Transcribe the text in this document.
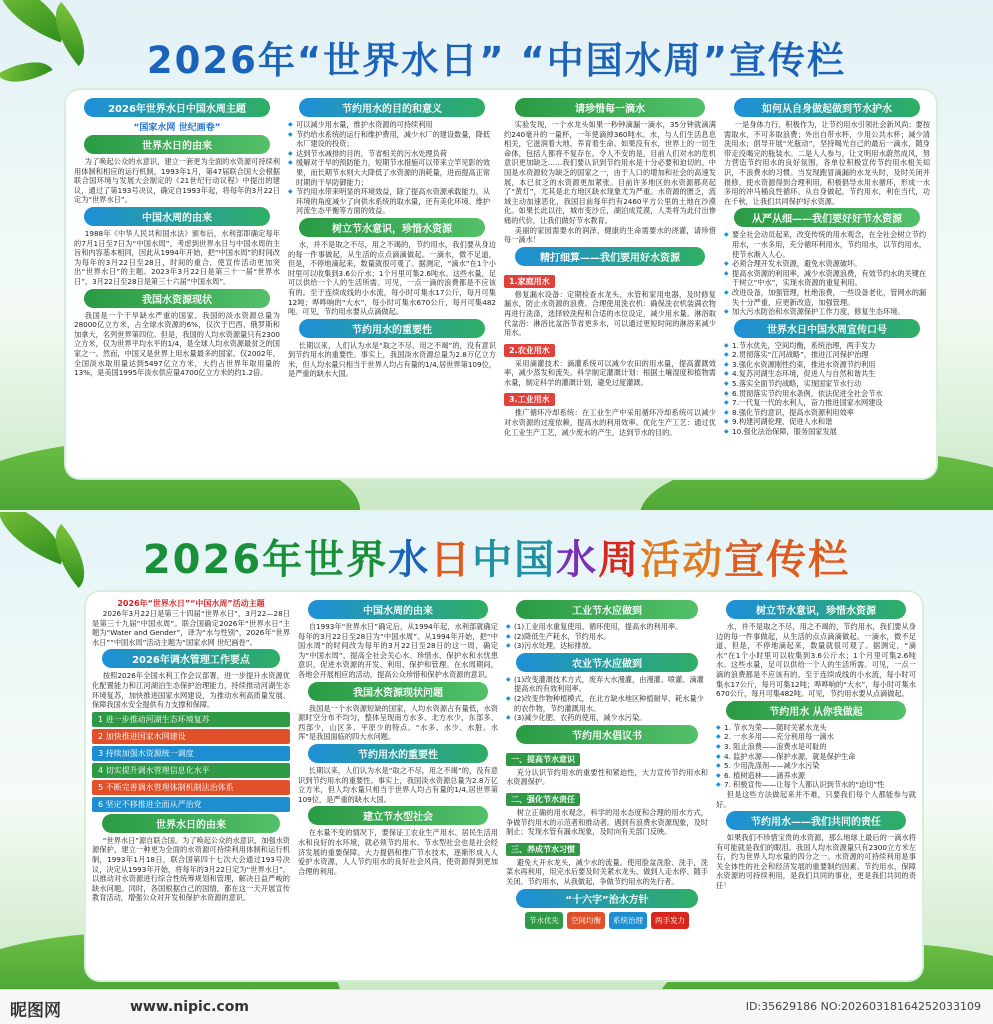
2026年“世界水日” “中国水周”宣传栏
2026年世界水日中国水周主题
“国家水网 世纪画卷”
世界水日的由来

为了唤起公众的水意识，建立一套更为全面的水资源可持续利用体制和相应的运行机制，1993年1月，第47届联合国大会根据联合国环境与发展大会制定的《21世纪行动议程》中提出的建议，通过了第193号决议，确定自1993年起，将每年的3月22日定为“世界水日”。

中国水周的由来

1988年《中华人民共和国水法》颁布后，水利部即确定每年的7月1日至7日为“中国水周”，考虑到世界水日与中国水周的主旨和内容基本相同，因此从1994年开始，把“中国水周”的时间改为每年的3月22日至28日，时间的重合，使宣传活动更加突出“世界水日”的主题。2023年3月22日是第三十一届“世界水日”，3月22日至28日是第三十六届“中国水周”。

我国水资源现状

我国是一个干旱缺水严重的国家。我国的淡水资源总量为28000亿立方米，占全球水资源的6%，仅次于巴西、俄罗斯和加拿大，名列世界第四位。但是，我国的人均水资源量只有2300立方米，仅为世界平均水平的1/4，是全球人均水资源最贫乏的国家之一。然而，中国又是世界上用水量最多的国家。仅2002年，全国淡水取用量达到5497亿立方米，大约占世界年取用量的13%，是美国1995年淡水供应量4700亿立方米的约1.2倍。

节约用水的目的和意义

◆ 可以减少用水量，维护水资源的可持续利用

◆ 节约给水系统的运行和维护费用，减少水厂的建设数量，降低水厂建设的投资；

◆ 达到节水减排的目的，节省相关的污水处理负荷

◆ 缓解对于旱的预防能力，短期节水措施可以带来立竿见影的效果，而长期节水则大大降低了水资源的消耗量，进而提高正常时期的干旱防御能力；

◆ 节约用水带来明显的环境效益，除了提高水资源承载能力，从环境的角度减少了向供水系统的取水量，还有美化环境、维护河流生态平衡等方面的效益。

树立节水意识，珍惜水资源

水，并不是取之不尽，用之不竭的，节约用水，我们要从身边的每一件事做起，从生活的点点滴滴做起。一滴水，微不足道，但是，不停地滴起来，数量就很可观了。据测定，“滴水”在1个小时里可以收集到3.6公斤水；1个月里可集2.6吨水。这些水量，足可以供给一个人的生活所需。可见，一点一滴的浪费都是不应该有的。至于连续成线的小水流，每小时可集水17公斤，每月可集12吨；哗哗响的“大水”，每小时可集水670公斤，每月可集482吨。可见，节约用水要从点滴做起。

节约用水的重要性

长期以来，人们认为水是“取之不尽，用之不竭”的，没有意识到节约用水的重要性。事实上，我国淡水资源总量为2.8万亿立方米，但人均水量只相当于世界人均占有量的1/4,居世界第109位，是严重的缺水大国。

请珍惜每一滴水

实验发现，一个水龙头如果一秒钟滴漏一滴水，35分钟就滴满约240毫升的一量杯，一年使滴掉360吨水。水，与人们生活息息相关，它滋润着大地，养育着生命。如果没有水，世界上的一切生命体，包括人都将不复存在。令人不安的是，目前人们对水的危机意识更加缺乏……我们要认识到节约用水是十分必要和迫切的。中国是水资源较为缺乏的国家之一，由于人口的增加和社会的高速发展，本已贫乏的水资源更加紧张。目前许多地区的水资源都亮起了“黄灯”，尤其是北方地区缺水现象尤为严重。水资源的匮乏，流域主动加速恶化，我国目前每年约有2460平方公里的土地在沙漠化。如果长此以往，城市变沙丘，湖泊成荒漠，人类将为此付出惨痛的代价，让我们做好节水教育。

美丽的家园需要水的润泽，健康的生命需要水的浇灌，请珍惜每一滴水！

精打细算——我们要用好水资源
1.家庭用水

修复漏水设备：定期检查水龙头、水管和家用电器，及时修复漏水，防止水资源的浪费。合理使用洗衣机：确保洗衣机装满衣物再进行洗涤，选择较洗程和合适的水位设定，减少用水量。淋浴取代盆浴：淋浴比盆浴节省更多水，可以通过更短时间的淋浴来减少用水。

2.农业用水

采用滴灌技术：滴灌系统可以减少农田的用水量，提高灌溉效率，减少蒸发和流失。科学制定灌溉计划：根据土壤湿度和植物需水量，制定科学的灌溉计划，避免过度灌溉。

3.工业用水

推广循环冷却系统：在工业生产中采用循环冷却系统可以减少对水资源的过度依赖，提高水的利用效率。优化生产工艺：通过优化工业生产工艺，减少废水的产生，达到节水的目的。

如何从自身做起做到节水护水

一是身体力行，积极作为，让节约用水引领社会新风尚；要按需取水，不可多取浪费；外出自带水杯，少用公共水杯；减少清洗用水；倡导开展“光瓶动”，坚持喝光自己的最后一滴水，随身带走没喝完的瓶装水。二是人人参与，让文明用水蔚然成风，努力营造节约用水的良好氛围，各单位积极宣传节约用水相关知识，不浪费水的习惯。当发现跑冒滴漏的水龙头时，及时关闭并报修，使水资源得到合理利用，积极倡导水用水循环，形成一水多用的冲马桶良性循环。从自身做起，节约用水，利在当代，功在千秋，让我们共同保护好水资源。

从严从细——我们要好好节水资源

◆ 要全社会动员起来，改变传统的用水观念，在全社会树立节约用水，一水多用，充分循环利用水，节约用水，以节约用水，使节水渐入人心。

◆ 必须合理开发水资源，避免水资源破坏。

◆ 提高水资源的利用率，减少水资源浪费，有效节约水的关键在于树立“中水”，实现水资源的重复利用。

◆ 改进设备，加强管理，杜绝浪费，一些设备老化，管网水的漏失十分严重，应更新改造，加强管理。

◆ 加大污水防治和水资源保护工作力度，修复生态环境。

世界水日中国水周宣传口号

◆ 1.节水优先，空间均衡，系统治理，两手发力

◆ 2.贯彻落实“江河战略”，推进江河保护治理

◆ 3.强化水资源刚性约束，推进水资源节约利用

◆ 4.复苏河湖生态环境，促进人与自然和谐共生

◆ 5.落实全面节约战略，实现国家节水行动

◆ 6.贯彻落实节约用水条例，依法促进全社会节水

◆ 7.一代复一代的水利人，奋力推进国家水网建设

◆ 8.强化节约意识，提高水资源利用效率

◆ 9.构建河湖伦理，促进人水和谐

◆ 10.强化法治保障，服务国家发展

2026年世界水日中国水周活动宣传栏
2026年“世界水日”“中国水周”活动主题

2026年3月22日是第三十四届“世界水日”，3月22—28日是第三十九届“中国水周”。联合国确定2026年“世界水日”主题为“Water and Gender”，译为“水与性别”，2026年“世界水日”“中国水周”活动主题为“国家水网 世纪画卷”。

2026年调水管理工作要点

按照2026年全国水利工作会议部署，进一步提升水资源优化配置能力和江河湖泊生态保护治理能力，持续推动河湖生态环境复苏，加快推进国家水网建设，为推动水利高质量发展、保障我国水安全提供有力支撑和保障。

1 进一步推动河湖生态环境复苏
2 加快推进国家水网建设
3 持续加强水资源统一调度
4 切实提升调水管理信息化水平
5 不断完善调水管理体制机制法治体系
6 坚定不移推进全面从严治党
世界水日的由来

“世界水日”源自联合国。为了唤起公众的水意识，加强水资源保护，建立一种更为全面的水资源可持续利用体制和运行机制，1993年1月18日，联合国第四十七次大会通过193号决议，决定从1993年开始，将每年的3月22日定为“世界水日”，以推动对水资源进行综合性统筹规划和管理，解决日益严峻的缺水问题。同时，各国根据自己的国情，都在这一天开展宣传教育活动，增强公众对开发和保护水资源的意识。

中国水周的由来

自1993年“世界水日”确定后，从1994年起，水利部就确定每年的3月22日至28日为“中国水周”。从1994年开始，把“中国水周”的时间改为每年的3月22日至28日的这一周，确定为“中国水周”，提高全社会关心水、珍惜水、保护水和水忧患意识，促进水资源的开发、利用、保护和管理。在水周期间，各地会开展相应的活动，提高公众珍惜和保护水资源的意识。

我国水资源现状问题

我国是一个水资源短缺的国家，人均水资源占有量低，水资源时空分布不均匀，整体呈现南方水多、北方水少，东部多、西部少，山区多、平原少的特点。“水多、水少、水脏、水浑”是我国面临的四大水问题。

节约用水的重要性

长期以来，人们认为水是“取之不尽，用之不竭”的，没有意识到节约用水的重要性。事实上，我国淡水资源总量为2.8万亿立方米，但人均水量只相当于世界人均占有量的1/4,居世界第109位，是严重的缺水大国。

建立节水型社会

在水量不变的情况下，要保证工农业生产用水、居民生活用水和良好的水环境，就必须节约用水。节水型社会也是社会经济发展的重要保障。大力提倡和推广节水技术，逐渐形成人人爱护水资源，人人节约用水的良好社会风尚，使资源得到更加合理的利用。

工业节水应做到

◆ (1)工业用水重复使用、循环使用，提高水的利用率。

◆ (2)降低生产耗水，节约用水。

◆ (3)污水处理，达标排放。

农业节水应做到

◆ (1)改变灌溉技术方式，废弃大水漫灌，由漫灌、喷灌、滴灌提高水的有效利用率。

◆ (2)改变作物种植模式，在北方缺水地区种植耐旱、耗水量少的农作物，节约灌溉用水。

◆ (3)减少化肥、农药的使用，减少水污染。

节约用水倡议书
一、提高节水意识

充分认识节约用水的重要性和紧迫性，大力宣传节约用水和水资源保护。

二、强化节水责任

树立正确的用水观念，科学的用水态度和合理的用水方式，争做节约用水的示范者和推动者。遇到有浪费水资源现象，及时制止；发现水管有漏水现象，及时向有关部门反映。

三、养成节水习惯

避免大开水龙头，减少水的流量。使用脸盆洗脸、洗手，洗菜水再利用，用完水后要及时关紧水龙头，做到人走水停、随手关闭。节约用水，从我做起，争做节约用水的先行者。

“十六字”治水方针
节水优先	空间均衡	系统治理	两手发力
树立节水意识，珍惜水资源

水，并不是取之不尽，用之不竭的，节约用水，我们要从身边的每一件事做起，从生活的点点滴滴做起。一滴水，微不足道，但是，不停地滴起来，数量就很可观了。据测定，“滴水”在1个小时里可以收集到3.6公斤水；1个月里可集2.6吨水。这些水量，足可以供给一个人的生活所需。可见，一点一滴的浪费都是不应该有的。至于连续成线的小水流，每小时可集水17公斤，每月可集12吨；哗哗响的“大水”，每小时可集水670公斤，每月可集482吨。可见，节约用水要从点滴做起。

节约用水 从你我做起

◆ 1. 节水为荣——随时关紧水龙头

◆ 2. 一水多用——充分利用每一滴水

◆ 3. 阻止浪费——浪费水是可耻的

◆ 4. 监护水源——保护水源，就是保护生命

◆ 5. 少用洗涤剂——减少水污染

◆ 6. 植树造林——涵养水源

◆ 7. 积极宣传——让每个人都认识到节水的“迫切”性

但是这些方法做起来并不难，只要我们每个人都能参与就好。

节约用水——我们共同的责任

如果我们不珍惜宝贵的水资源，那么地球上最后的一滴水将有可能就是我们的眼泪。我国人均水资源量只有2300立方米左右，约为世界人均水量的四分之一。水资源的可持续利用是事关全体性的社会和经济发展的重要制约因素。节约用水，保障水资源的可持续利用，是我们共同的事业，更是我们共同的责任！

昵图网	www.nipic.com	ID:35629186 NO:20260318164252033109
